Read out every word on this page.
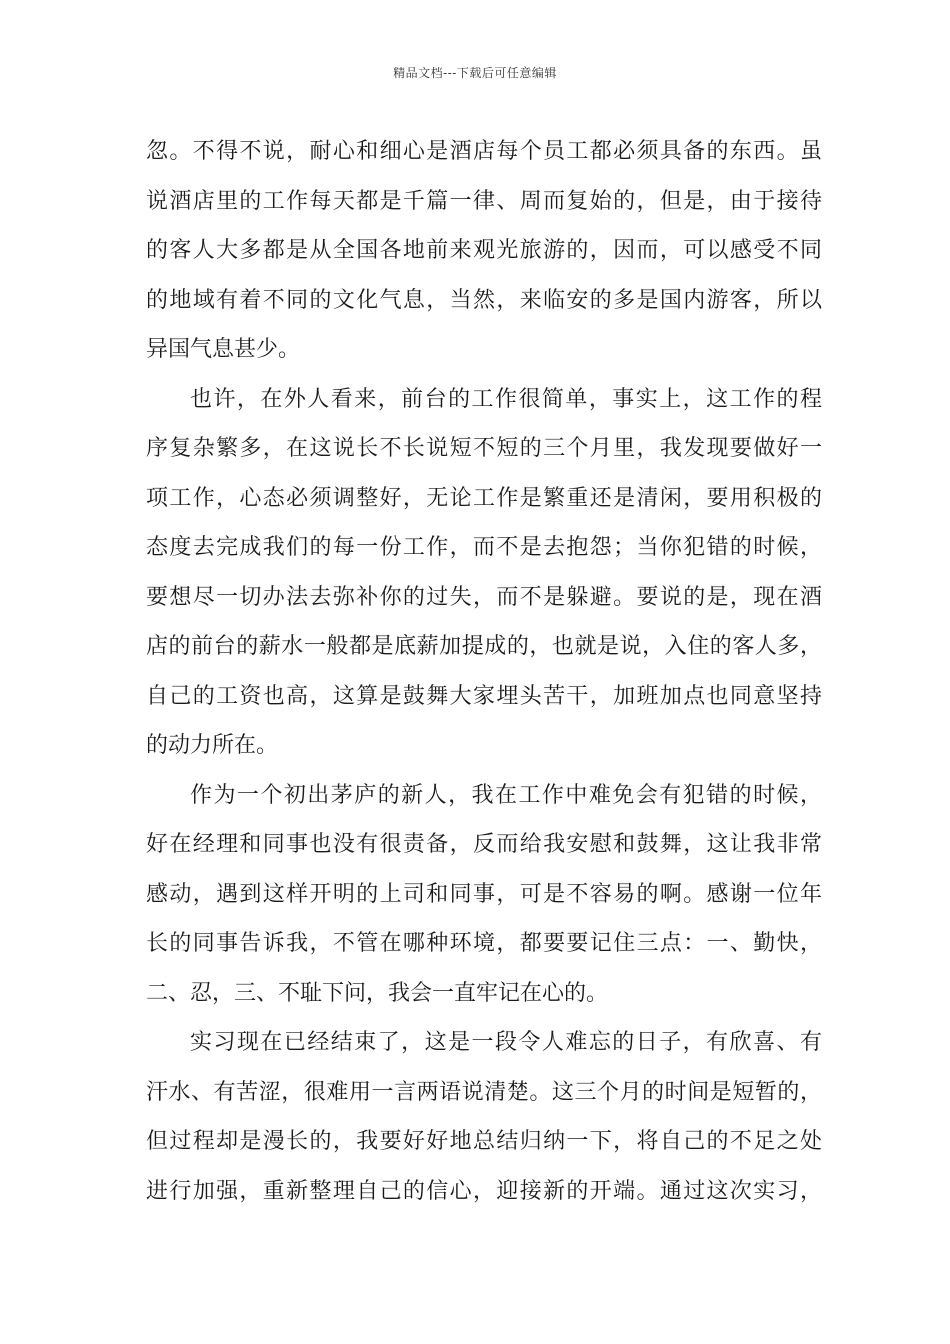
精品文档---下载后可任意编辑
忽。不得不说，耐心和细心是酒店每个员工都必须具备的东西。虽
说酒店里的工作每天都是千篇一律、周而复始的，但是，由于接待
的客人大多都是从全国各地前来观光旅游的，因而，可以感受不同
的地域有着不同的文化气息，当然，来临安的多是国内游客，所以
异国气息甚少。
也许，在外人看来，前台的工作很简单，事实上，这工作的程
序复杂繁多，在这说长不长说短不短的三个月里，我发现要做好一
项工作，心态必须调整好，无论工作是繁重还是清闲，要用积极的
态度去完成我们的每一份工作，而不是去抱怨；当你犯错的时候，
要想尽一切办法去弥补你的过失，而不是躲避。要说的是，现在酒
店的前台的薪水一般都是底薪加提成的，也就是说，入住的客人多，
自己的工资也高，这算是鼓舞大家埋头苦干，加班加点也同意坚持
的动力所在。
作为一个初出茅庐的新人，我在工作中难免会有犯错的时候，
好在经理和同事也没有很责备，反而给我安慰和鼓舞，这让我非常
感动，遇到这样开明的上司和同事，可是不容易的啊。感谢一位年
长的同事告诉我，不管在哪种环境，都要要记住三点：一、勤快，
二、忍，三、不耻下问，我会一直牢记在心的。
实习现在已经结束了，这是一段令人难忘的日子，有欣喜、有
汗水、有苦涩，很难用一言两语说清楚。这三个月的时间是短暂的，
但过程却是漫长的，我要好好地总结归纳一下，将自己的不足之处
进行加强，重新整理自己的信心，迎接新的开端。通过这次实习，
